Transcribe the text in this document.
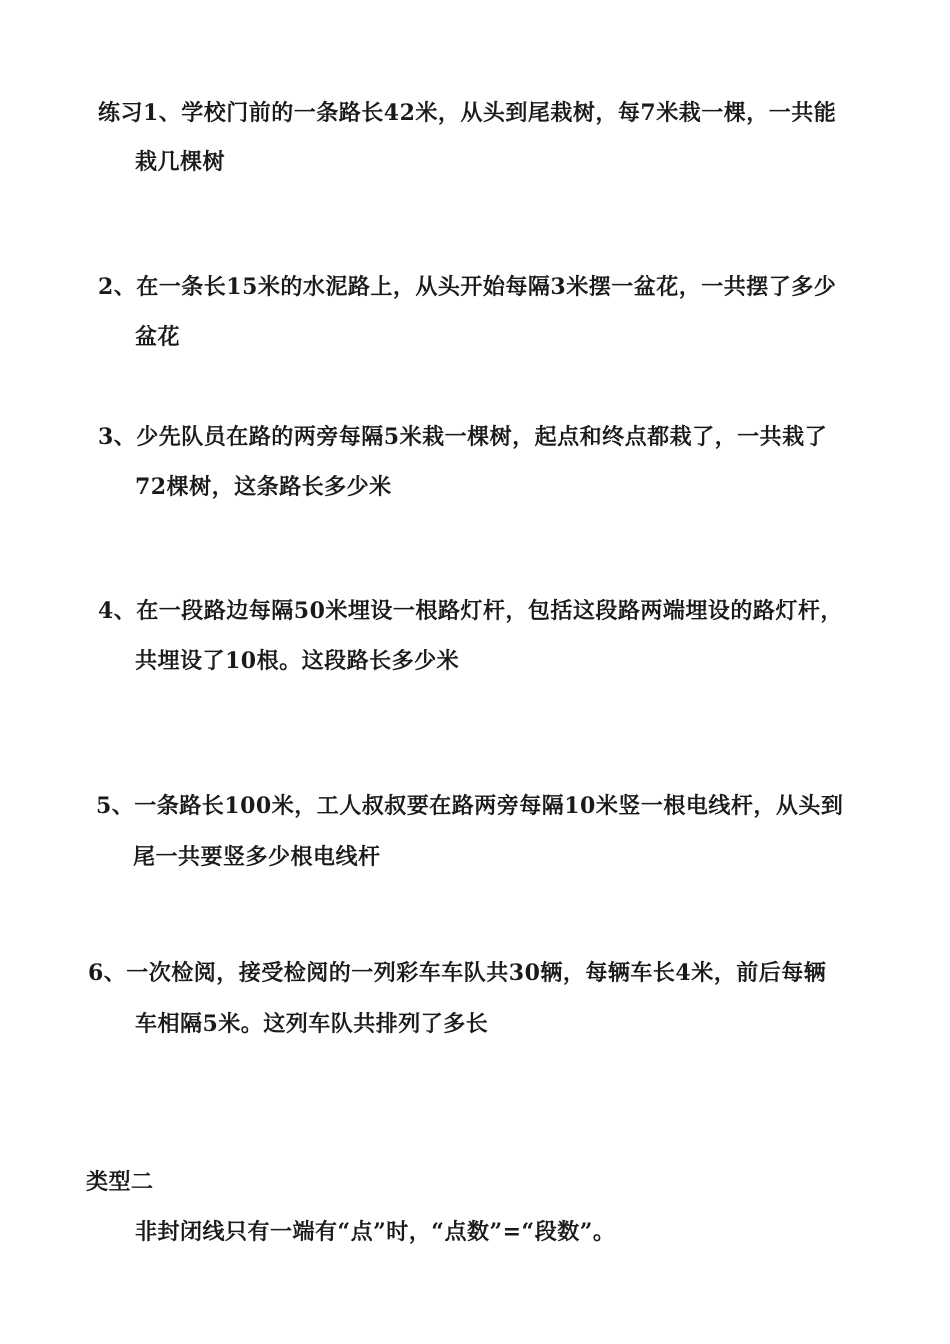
练习1、学校门前的一条路长42米，从头到尾栽树，每7米栽一棵，一共能
栽几棵树
2、在一条长15米的水泥路上，从头开始每隔3米摆一盆花，一共摆了多少
盆花
3、少先队员在路的两旁每隔5米栽一棵树，起点和终点都栽了，一共栽了
72棵树，这条路长多少米
4、在一段路边每隔50米埋设一根路灯杆，包括这段路两端埋设的路灯杆，
共埋设了10根。这段路长多少米
5、一条路长100米，工人叔叔要在路两旁每隔10米竖一根电线杆，从头到
尾一共要竖多少根电线杆
6、一次检阅，接受检阅的一列彩车车队共30辆，每辆车长4米，前后每辆
车相隔5米。这列车队共排列了多长
类型二
非封闭线只有一端有“点”时，“点数”=“段数”。
